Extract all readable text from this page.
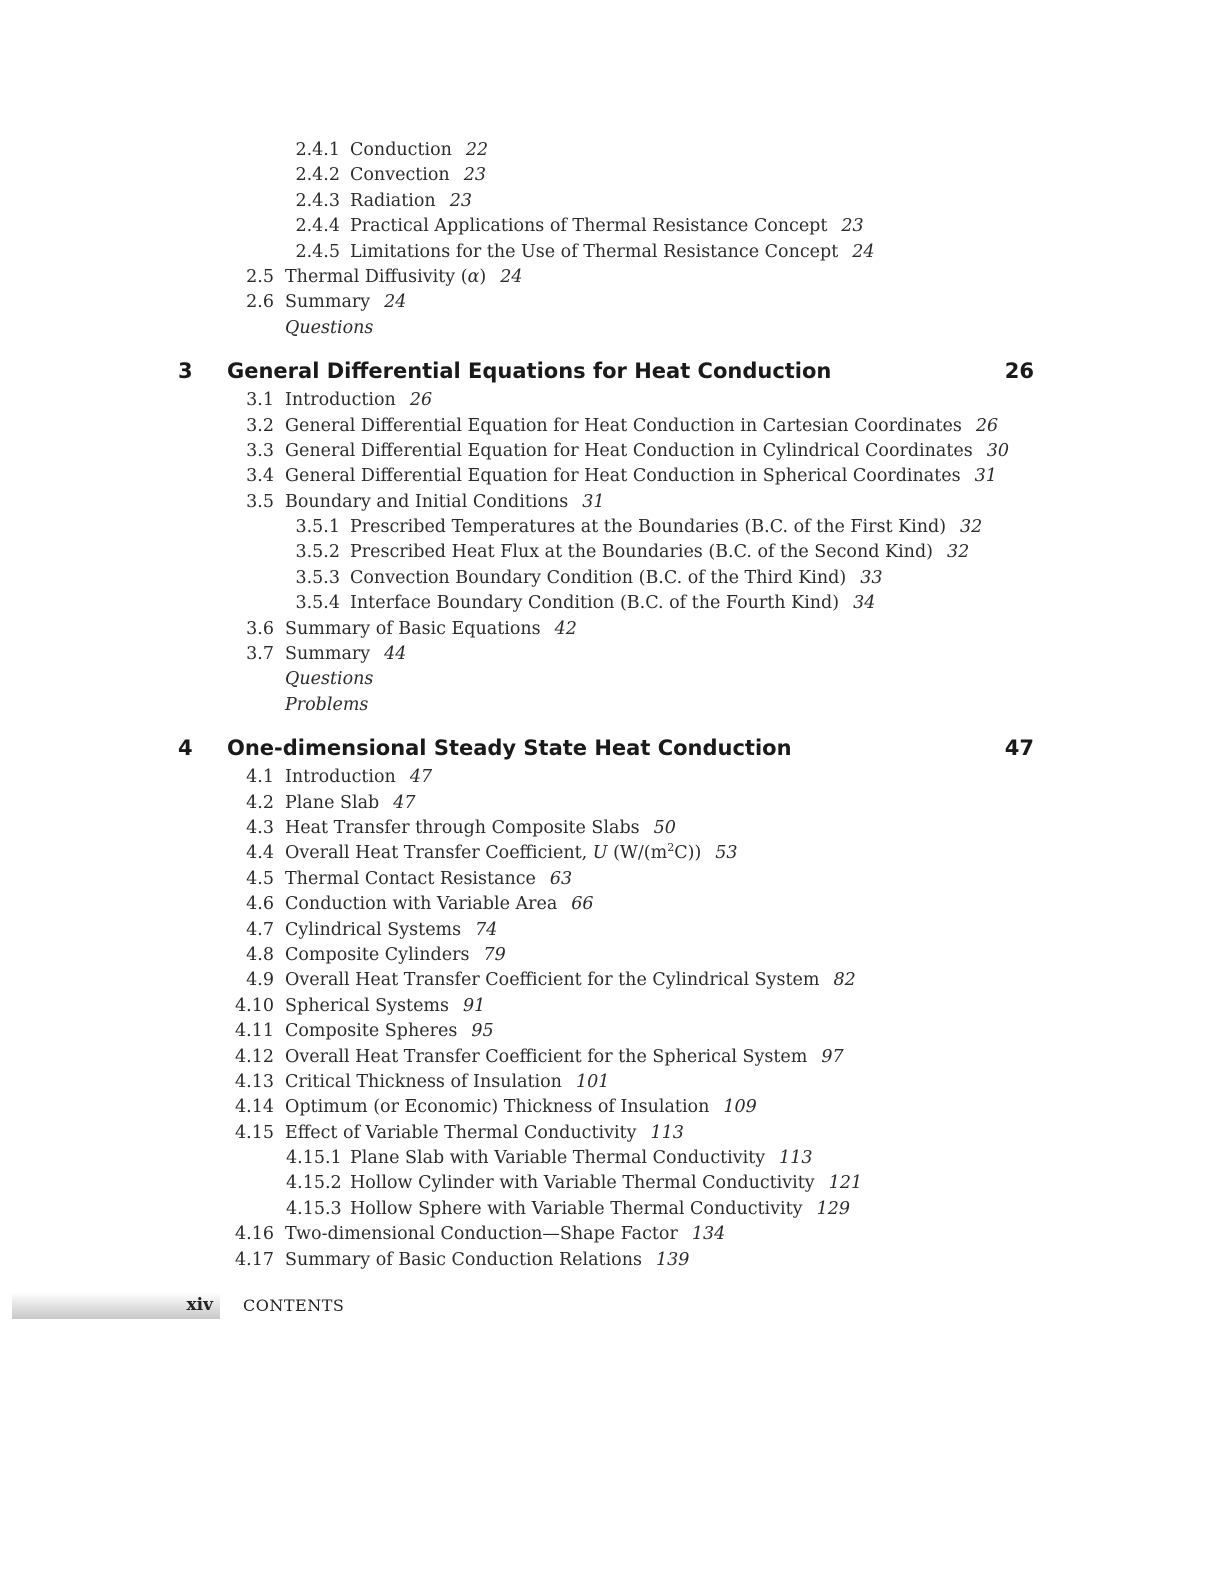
2.4.1 Conduction 22
2.4.2 Convection 23
2.4.3 Radiation 23
2.4.4 Practical Applications of Thermal Resistance Concept 23
2.4.5 Limitations for the Use of Thermal Resistance Concept 24
2.5 Thermal Diffusivity (α) 24
2.6 Summary 24
Questions
3 General Differential Equations for Heat Conduction	26
3.1 Introduction 26
3.2 General Differential Equation for Heat Conduction in Cartesian Coordinates 26
3.3 General Differential Equation for Heat Conduction in Cylindrical Coordinates 30
3.4 General Differential Equation for Heat Conduction in Spherical Coordinates 31
3.5 Boundary and Initial Conditions 31
3.5.1 Prescribed Temperatures at the Boundaries (B.C. of the First Kind) 32
3.5.2 Prescribed Heat Flux at the Boundaries (B.C. of the Second Kind) 32
3.5.3 Convection Boundary Condition (B.C. of the Third Kind) 33
3.5.4 Interface Boundary Condition (B.C. of the Fourth Kind) 34
3.6 Summary of Basic Equations 42
3.7 Summary 44
Questions
Problems
4 One-dimensional Steady State Heat Conduction	47
4.1 Introduction 47
4.2 Plane Slab 47
4.3 Heat Transfer through Composite Slabs 50
4.4 Overall Heat Transfer Coefficient, U $(W/(m^2C))$ 53
4.5 Thermal Contact Resistance 63
4.6 Conduction with Variable Area 66
4.7 Cylindrical Systems 74
4.8 Composite Cylinders 79
4.9 Overall Heat Transfer Coefficient for the Cylindrical System 82
4.10 Spherical Systems 91
4.11 Composite Spheres 95
4.12 Overall Heat Transfer Coefficient for the Spherical System 97
4.13 Critical Thickness of Insulation 101
4.14 Optimum (or Economic) Thickness of Insulation 109
4.15 Effect of Variable Thermal Conductivity 113
4.15.1 Plane Slab with Variable Thermal Conductivity 113
4.15.2 Hollow Cylinder with Variable Thermal Conductivity 121
4.15.3 Hollow Sphere with Variable Thermal Conductivity 129
4.16 Two-dimensional Conduction—Shape Factor 134
4.17 Summary of Basic Conduction Relations 139
xiv CONTENTS
